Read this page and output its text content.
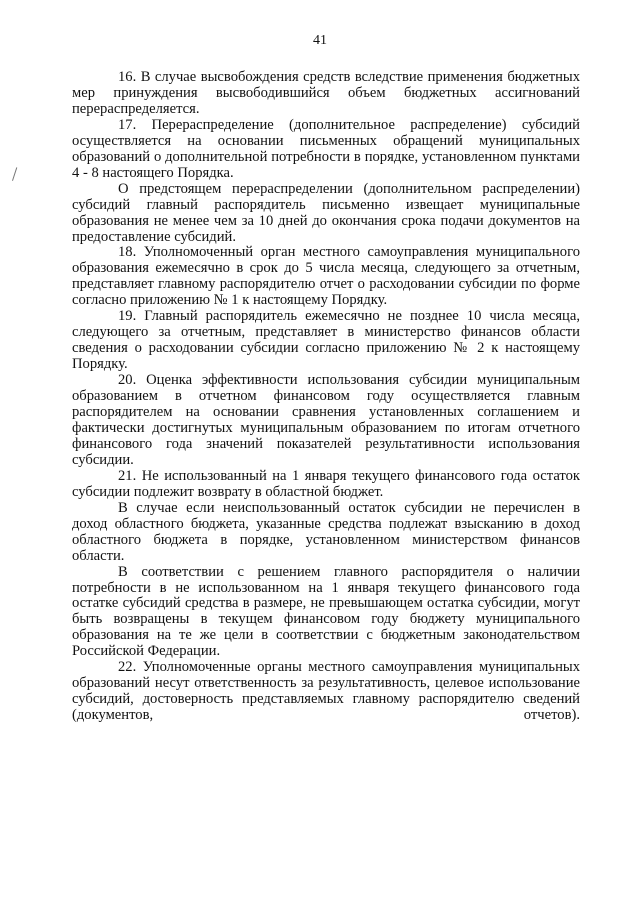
41

16. В случае высвобождения средств вследствие применения бюджетных мер принуждения высвободившийся объем бюджетных ассигнований перераспределяется.

17. Перераспределение (дополнительное распределение) субсидий осуществляется на основании письменных обращений муниципальных образований о дополнительной потребности в порядке, установленном пунктами 4 - 8 настоящего Порядка.

О предстоящем перераспределении (дополнительном распределении) субсидий главный распорядитель письменно извещает муниципальные образования не менее чем за 10 дней до окончания срока подачи документов на предоставление субсидий.

18. Уполномоченный орган местного самоуправления муниципального образования ежемесячно в срок до 5 числа месяца, следующего за отчетным, представляет главному распорядителю отчет о расходовании субсидии по форме согласно приложению № 1 к настоящему Порядку.

19. Главный распорядитель ежемесячно не позднее 10 числа месяца, следующего за отчетным, представляет в министерство финансов области сведения о расходовании субсидии согласно приложению № 2 к настоящему Порядку.

20. Оценка эффективности использования субсидии муниципальным образованием в отчетном финансовом году осуществляется главным распорядителем на основании сравнения установленных соглашением и фактически достигнутых муниципальным образованием по итогам отчетного финансового года значений показателей результативности использования субсидии.

21. Не использованный на 1 января текущего финансового года остаток субсидии подлежит возврату в областной бюджет.

В случае если неиспользованный остаток субсидии не перечислен в доход областного бюджета, указанные средства подлежат взысканию в доход областного бюджета в порядке, установленном министерством финансов области.

В соответствии с решением главного распорядителя о наличии потребности в не использованном на 1 января текущего финансового года остатке субсидий средства в размере, не превышающем остатка субсидии, могут быть возвращены в текущем финансовом году бюджету муниципального образования на те же цели в соответствии с бюджетным законодательством Российской Федерации.

22. Уполномоченные органы местного самоуправления муниципальных образований несут ответственность за результативность, целевое использование субсидий, достоверность представляемых главному распорядителю сведений (документов, отчетов).
